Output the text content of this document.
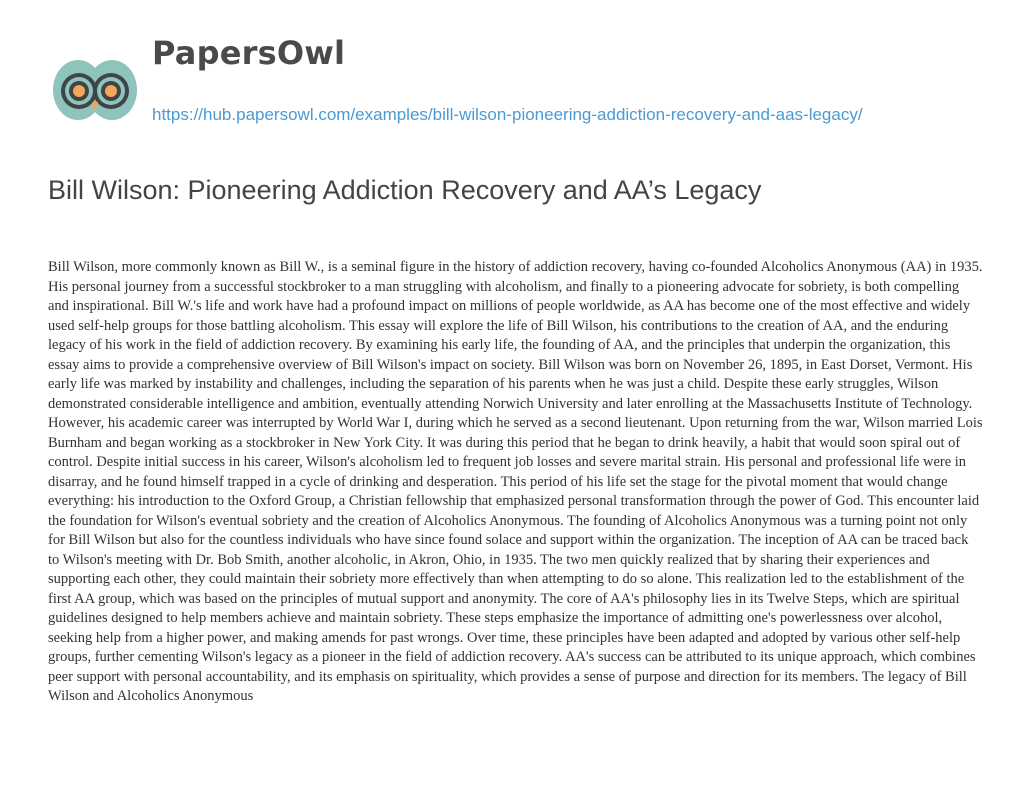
PapersOwl
https://hub.papersowl.com/examples/bill-wilson-pioneering-addiction-recovery-and-aas-legacy/
Bill Wilson: Pioneering Addiction Recovery and AA’s Legacy

Bill Wilson, more commonly known as Bill W., is a seminal figure in the history of addiction recovery, having co-founded Alcoholics Anonymous (AA) in 1935. His personal journey from a successful stockbroker to a man struggling with alcoholism, and finally to a pioneering advocate for sobriety, is both compelling and inspirational. Bill W.'s life and work have had a profound impact on millions of people worldwide, as AA has become one of the most effective and widely used self-help groups for those battling alcoholism. This essay will explore the life of Bill Wilson, his contributions to the creation of AA, and the enduring legacy of his work in the field of addiction recovery. By examining his early life, the founding of AA, and the principles that underpin the organization, this essay aims to provide a comprehensive overview of Bill Wilson's impact on society. Bill Wilson was born on November 26, 1895, in East Dorset, Vermont. His early life was marked by instability and challenges, including the separation of his parents when he was just a child. Despite these early struggles, Wilson demonstrated considerable intelligence and ambition, eventually attending Norwich University and later enrolling at the Massachusetts Institute of Technology. However, his academic career was interrupted by World War I, during which he served as a second lieutenant. Upon returning from the war, Wilson married Lois Burnham and began working as a stockbroker in New York City. It was during this period that he began to drink heavily, a habit that would soon spiral out of control. Despite initial success in his career, Wilson's alcoholism led to frequent job losses and severe marital strain. His personal and professional life were in disarray, and he found himself trapped in a cycle of drinking and desperation. This period of his life set the stage for the pivotal moment that would change everything: his introduction to the Oxford Group, a Christian fellowship that emphasized personal transformation through the power of God. This encounter laid the foundation for Wilson's eventual sobriety and the creation of Alcoholics Anonymous. The founding of Alcoholics Anonymous was a turning point not only for Bill Wilson but also for the countless individuals who have since found solace and support within the organization. The inception of AA can be traced back to Wilson's meeting with Dr. Bob Smith, another alcoholic, in Akron, Ohio, in 1935. The two men quickly realized that by sharing their experiences and supporting each other, they could maintain their sobriety more effectively than when attempting to do so alone. This realization led to the establishment of the first AA group, which was based on the principles of mutual support and anonymity. The core of AA's philosophy lies in its Twelve Steps, which are spiritual guidelines designed to help members achieve and maintain sobriety. These steps emphasize the importance of admitting one's powerlessness over alcohol, seeking help from a higher power, and making amends for past wrongs. Over time, these principles have been adapted and adopted by various other self-help groups, further cementing Wilson's legacy as a pioneer in the field of addiction recovery. AA's success can be attributed to its unique approach, which combines peer support with personal accountability, and its emphasis on spirituality, which provides a sense of purpose and direction for its members. The legacy of Bill Wilson and Alcoholics Anonymous
